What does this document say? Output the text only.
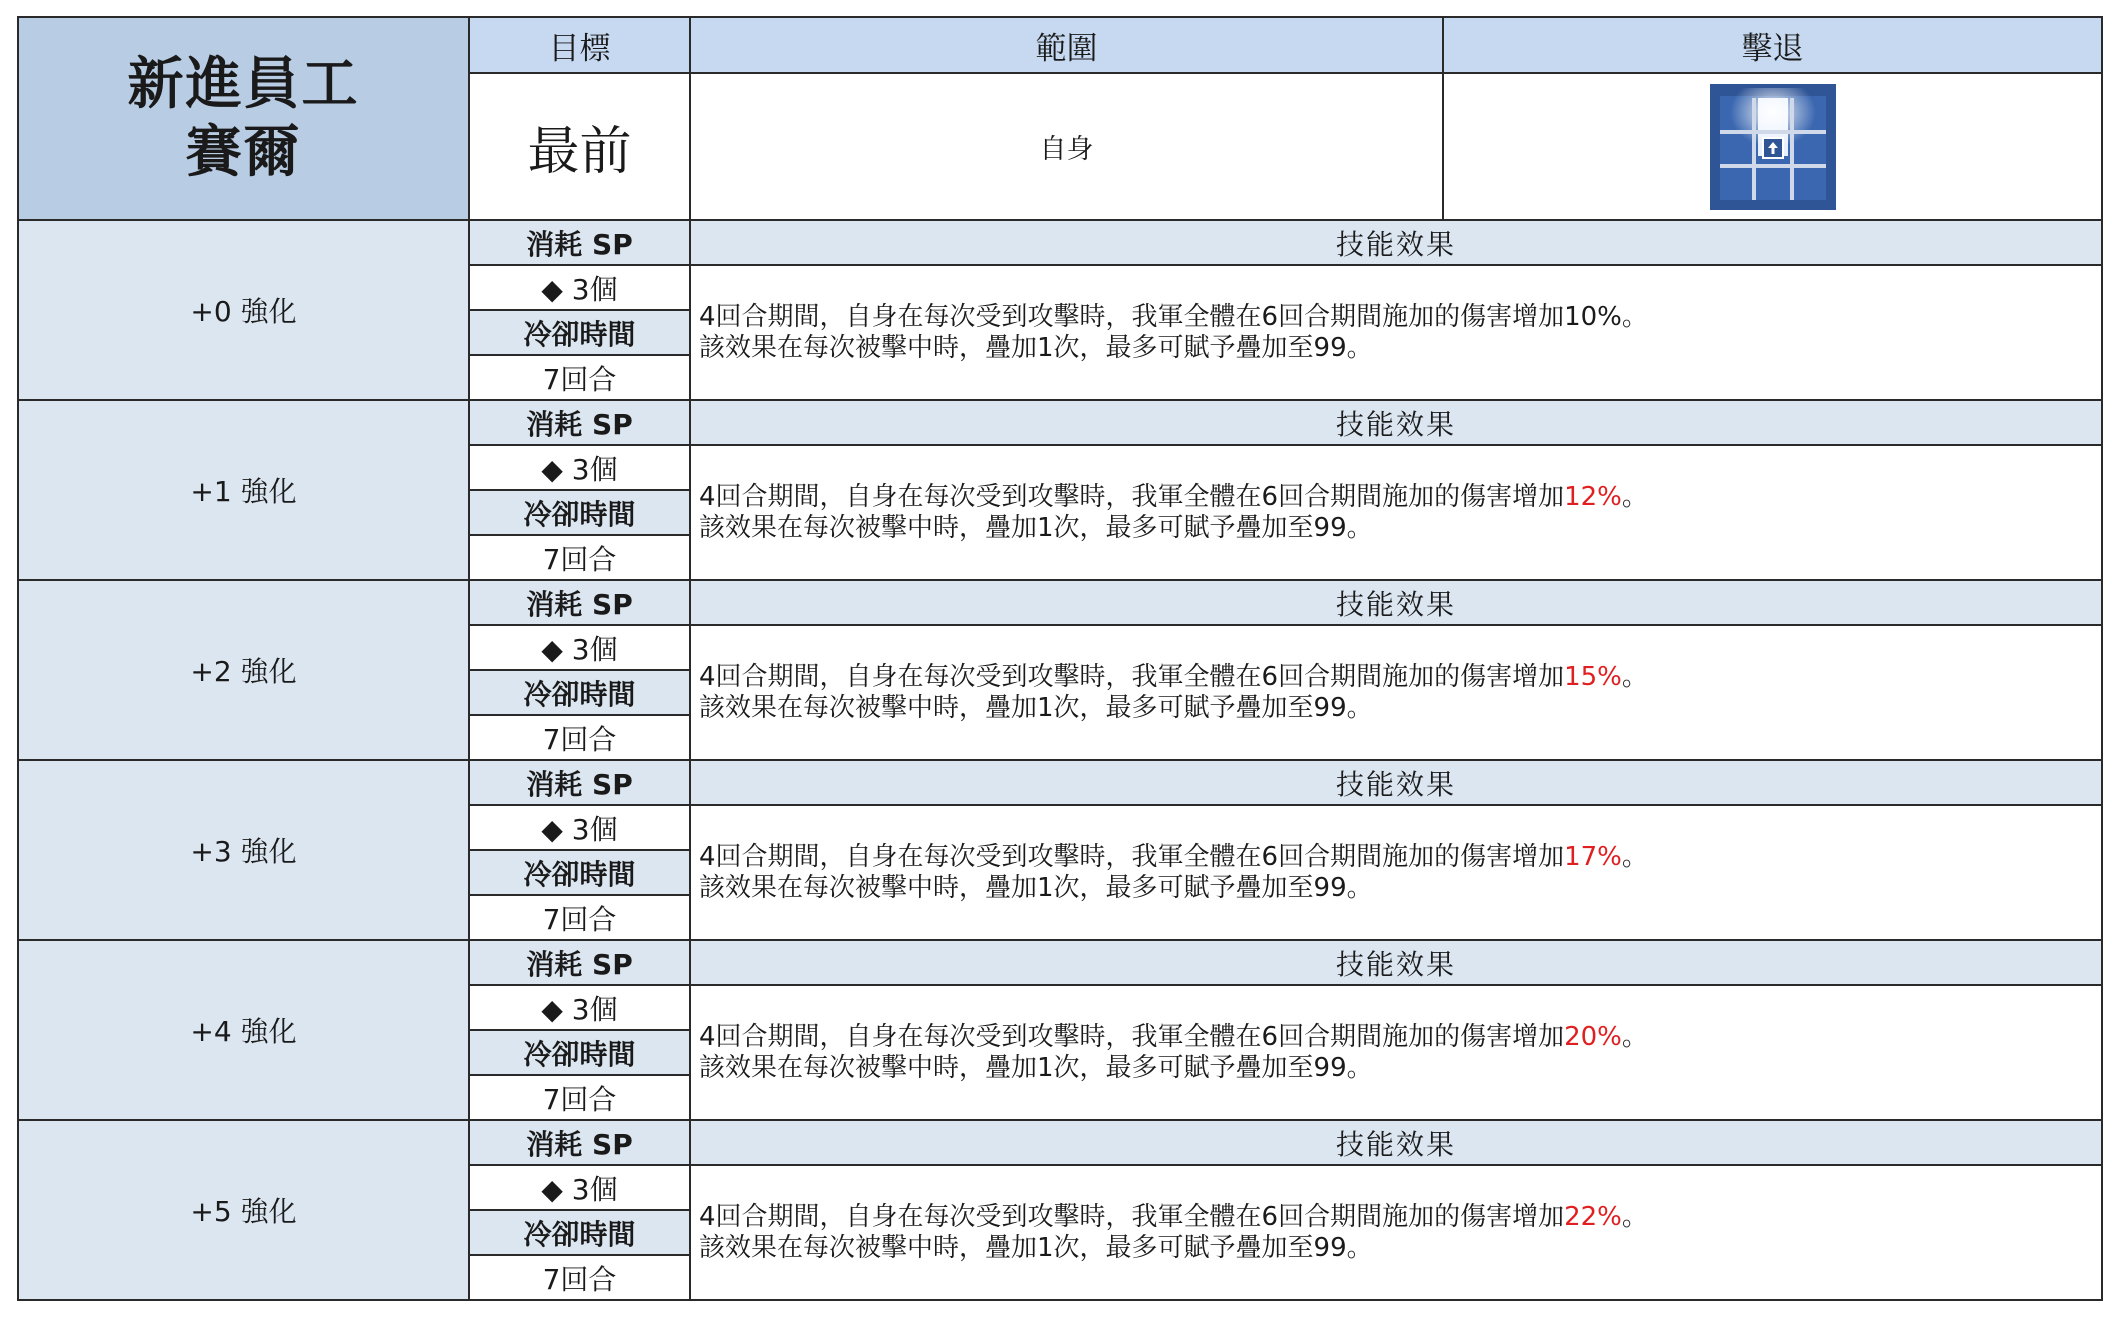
新進員工
賽爾	目標	範圍	擊退
	最前	自身	
+0 強化	消耗 SP	技能效果	
	◆ 3個	4回合期間，自身在每次受到攻擊時，我軍全體在6回合期間施加的傷害增加10%。
該效果在每次被擊中時，疊加1次，最多可賦予疊加至99。	

	冷卻時間		
	7回合		
+1 強化	消耗 SP	技能效果	
	◆ 3個	4回合期間，自身在每次受到攻擊時，我軍全體在6回合期間施加的傷害增加12%。
該效果在每次被擊中時，疊加1次，最多可賦予疊加至99。	

	冷卻時間		
	7回合		
+2 強化	消耗 SP	技能效果	
	◆ 3個	4回合期間，自身在每次受到攻擊時，我軍全體在6回合期間施加的傷害增加15%。
該效果在每次被擊中時，疊加1次，最多可賦予疊加至99。	

	冷卻時間		
	7回合		
+3 強化	消耗 SP	技能效果	
	◆ 3個	4回合期間，自身在每次受到攻擊時，我軍全體在6回合期間施加的傷害增加17%。
該效果在每次被擊中時，疊加1次，最多可賦予疊加至99。	

	冷卻時間		
	7回合		
+4 強化	消耗 SP	技能效果	
	◆ 3個	4回合期間，自身在每次受到攻擊時，我軍全體在6回合期間施加的傷害增加20%。
該效果在每次被擊中時，疊加1次，最多可賦予疊加至99。	

	冷卻時間		
	7回合		
+5 強化	消耗 SP	技能效果	
	◆ 3個	4回合期間，自身在每次受到攻擊時，我軍全體在6回合期間施加的傷害增加22%。
該效果在每次被擊中時，疊加1次，最多可賦予疊加至99。	

	冷卻時間		
	7回合		
